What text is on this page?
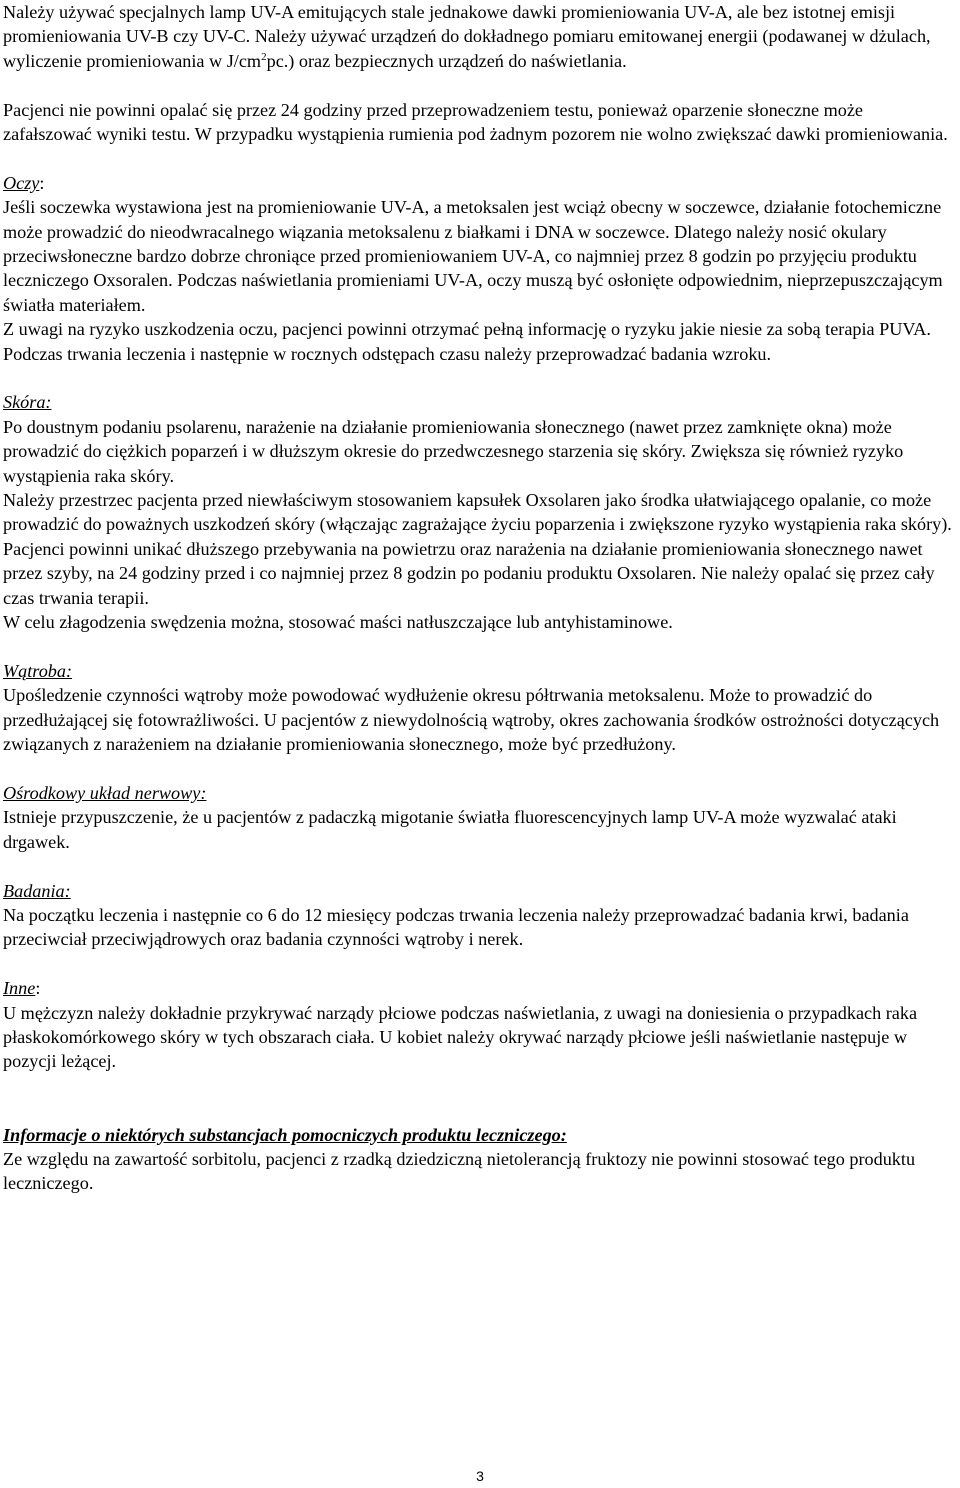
Należy używać specjalnych lamp UV-A emitujących stale jednakowe dawki promieniowania UV-A, ale bez istotnej emisji promieniowania UV-B czy UV-C. Należy używać urządzeń do dokładnego pomiaru emitowanej energii (podawanej w dżulach, wyliczenie promieniowania w $J/cm^2pc$.) oraz bezpiecznych urządzeń do naświetlania.

Pacjenci nie powinni opalać się przez 24 godziny przed przeprowadzeniem testu, ponieważ oparzenie słoneczne może zafałszować wyniki testu. W przypadku wystąpienia rumienia pod żadnym pozorem nie wolno zwiększać dawki promieniowania.

Oczy:

Jeśli soczewka wystawiona jest na promieniowanie UV-A, a metoksalen jest wciąż obecny w soczewce, działanie fotochemiczne może prowadzić do nieodwracalnego wiązania metoksalenu z białkami i DNA w soczewce. Dlatego należy nosić okulary przeciwsłoneczne bardzo dobrze chroniące przed promieniowaniem UV-A, co najmniej przez 8 godzin po przyjęciu produktu leczniczego Oxsoralen. Podczas naświetlania promieniami UV-A, oczy muszą być osłonięte odpowiednim, nieprzepuszczającym światła materiałem.

Z uwagi na ryzyko uszkodzenia oczu, pacjenci powinni otrzymać pełną informację o ryzyku jakie niesie za sobą terapia PUVA.

Podczas trwania leczenia i następnie w rocznych odstępach czasu należy przeprowadzać badania wzroku.

Skóra:

Po doustnym podaniu psolarenu, narażenie na działanie promieniowania słonecznego (nawet przez zamknięte okna) może prowadzić do ciężkich poparzeń i w dłuższym okresie do przedwczesnego starzenia się skóry. Zwiększa się również ryzyko wystąpienia raka skóry.

Należy przestrzec pacjenta przed niewłaściwym stosowaniem kapsułek Oxsolaren jako środka ułatwiającego opalanie, co może prowadzić do poważnych uszkodzeń skóry (włączając zagrażające życiu poparzenia i zwiększone ryzyko wystąpienia raka skóry). Pacjenci powinni unikać dłuższego przebywania na powietrzu oraz narażenia na działanie promieniowania słonecznego nawet przez szyby, na 24 godziny przed i co najmniej przez 8 godzin po podaniu produktu Oxsolaren. Nie należy opalać się przez cały czas trwania terapii.

W celu złagodzenia swędzenia można, stosować maści natłuszczające lub antyhistaminowe.

Wątroba:

Upośledzenie czynności wątroby może powodować wydłużenie okresu półtrwania metoksalenu. Może to prowadzić do przedłużającej się fotowrażliwości. U pacjentów z niewydolnością wątroby, okres zachowania środków ostrożności dotyczących związanych z narażeniem na działanie promieniowania słonecznego, może być przedłużony.

Ośrodkowy układ nerwowy:

Istnieje przypuszczenie, że u pacjentów z padaczką migotanie światła fluorescencyjnych lamp UV-A może wyzwalać ataki drgawek.

Badania:

Na początku leczenia i następnie co 6 do 12 miesięcy podczas trwania leczenia należy przeprowadzać badania krwi, badania przeciwciał przeciwjądrowych oraz badania czynności wątroby i nerek.

Inne:

U mężczyzn należy dokładnie przykrywać narządy płciowe podczas naświetlania, z uwagi na doniesienia o przypadkach raka płaskokomórkowego skóry w tych obszarach ciała. U kobiet należy okrywać narządy płciowe jeśli naświetlanie następuje w pozycji leżącej.

Informacje o niektórych substancjach pomocniczych produktu leczniczego:

Ze względu na zawartość sorbitolu, pacjenci z rzadką dziedziczną nietolerancją fruktozy nie powinni stosować tego produktu leczniczego.

3
